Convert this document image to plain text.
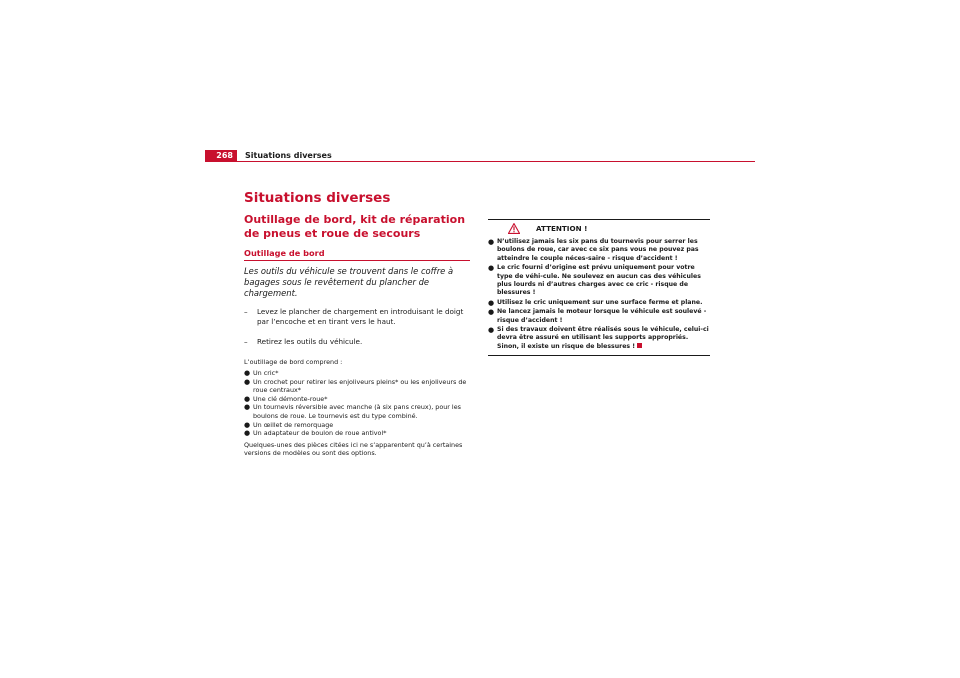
268	Situations diverses
Situations diverses
Outillage de bord, kit de réparation de pneus et roue de secours
Outillage de bord

Les outils du véhicule se trouvent dans le coffre à bagages sous le revêtement du plancher de chargement.

– Levez le plancher de chargement en introduisant le doigt par l’encoche et en tirant vers le haut.
– Retirez les outils du véhicule.

L’outillage de bord comprend :

● Un cric*
● Un crochet pour retirer les enjoliveurs pleins* ou les enjoliveurs de roue centraux*
● Une clé démonte-roue*
● Un tournevis réversible avec manche (à six pans creux), pour les boulons de roue. Le tournevis est du type combiné.
● Un œillet de remorquage
● Un adaptateur de boulon de roue antivol*

Quelques-unes des pièces citées ici ne s’apparentent qu’à certaines versions de modèles ou sont des options.

ATTENTION !
● N’utilisez jamais les six pans du tournevis pour serrer les boulons de roue, car avec ce six pans vous ne pouvez pas atteindre le couple néces-saire - risque d’accident !
● Le cric fourni d’origine est prévu uniquement pour votre type de véhi-cule. Ne soulevez en aucun cas des véhicules plus lourds ni d’autres charges avec ce cric - risque de blessures !
● Utilisez le cric uniquement sur une surface ferme et plane.
● Ne lancez jamais le moteur lorsque le véhicule est soulevé - risque d’accident !
● Si des travaux doivent être réalisés sous le véhicule, celui-ci devra être assuré en utilisant les supports appropriés. Sinon, il existe un risque de blessures !
